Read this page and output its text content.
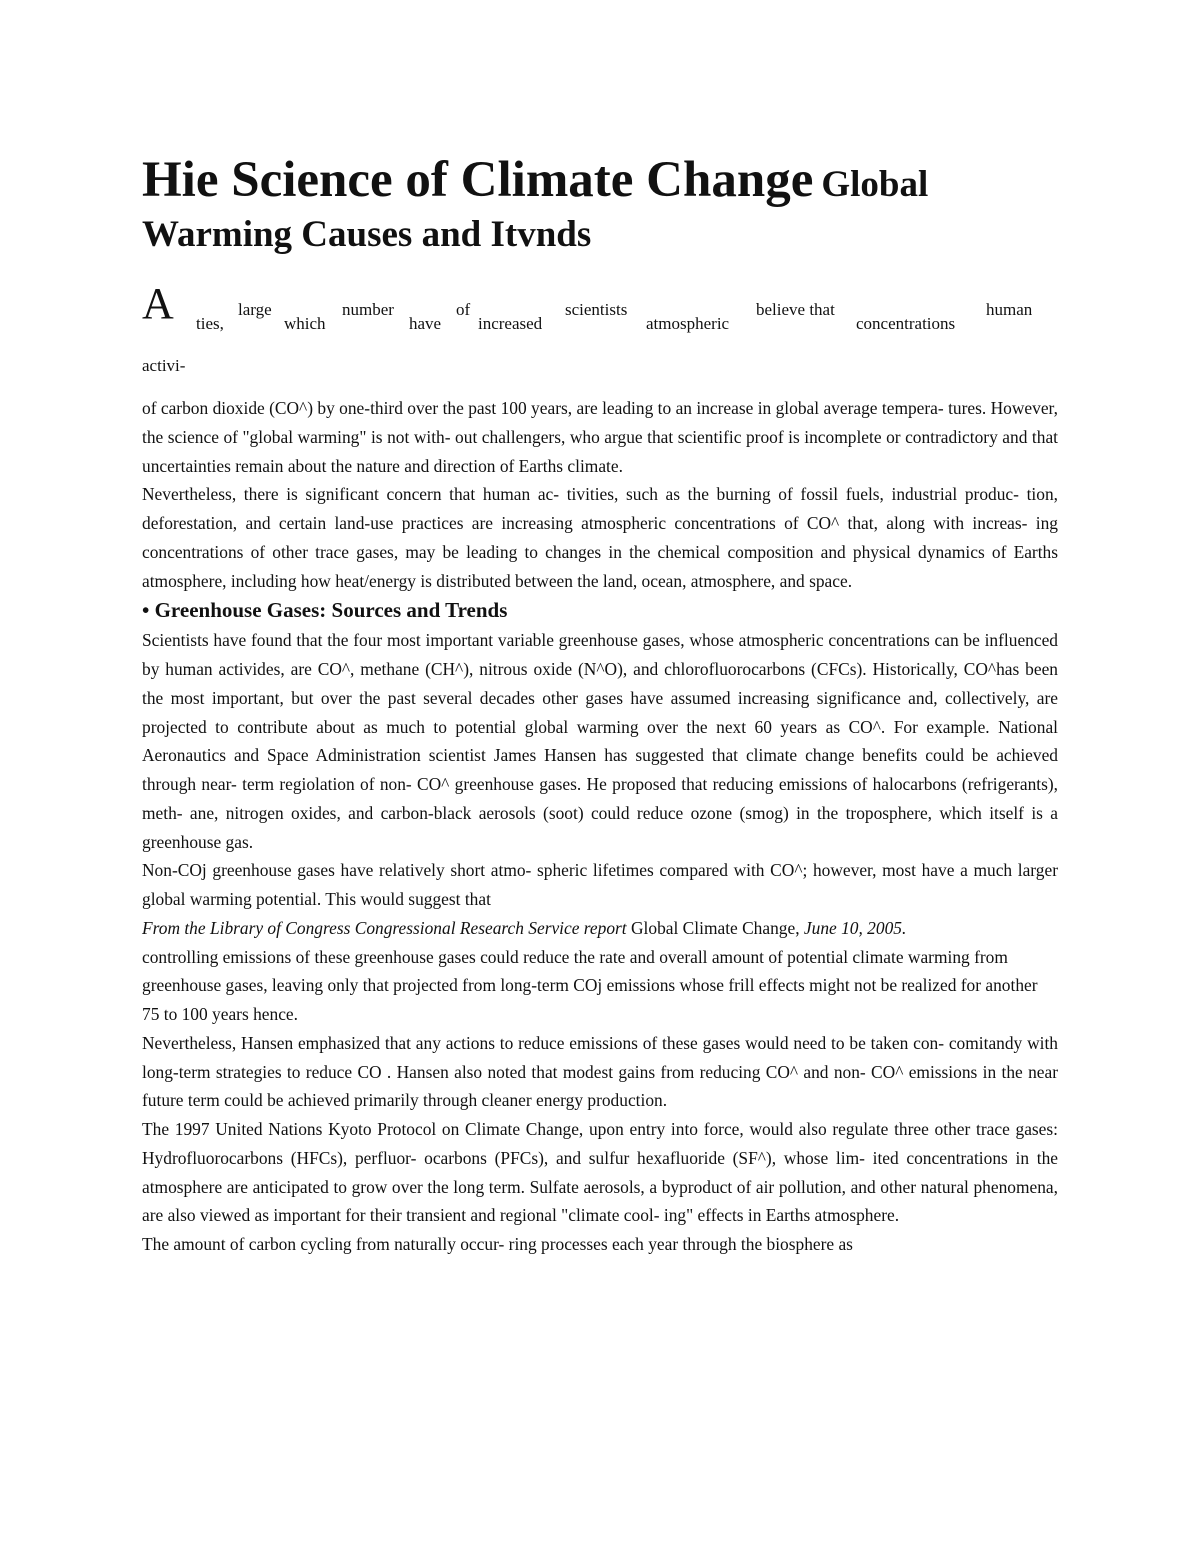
Hie Science of Climate Change Global
Warming Causes and Itvnds
A ties,
large
which
number
have
of
increased
scientists
atmospheric
believe that
concentrations
human
activi-

of carbon dioxide (CO^) by one-third over the past 100 years, are leading to an increase in global average tempera- tures. However, the science of "global warming" is not with- out challengers, who argue that scientific proof is incomplete or contradictory and that uncertainties remain about the nature and direction of Earths climate.

Nevertheless, there is significant concern that human ac- tivities, such as the burning of fossil fuels, industrial produc- tion, deforestation, and certain land-use practices are increasing atmospheric concentrations of CO^ that, along with increas- ing concentrations of other trace gases, may be leading to changes in the chemical composition and physical dynamics of Earths atmosphere, including how heat/energy is distributed between the land, ocean, atmosphere, and space.

• Greenhouse Gases: Sources and Trends

Scientists have found that the four most important variable greenhouse gases, whose atmospheric concentrations can be influenced by human activides, are CO^, methane (CH^), nitrous oxide (N^O), and chlorofluorocarbons (CFCs). Historically, CO^has been the most important, but over the past several decades other gases have assumed increasing significance and, collectively, are projected to contribute about as much to potential global warming over the next 60 years as CO^. For example. National Aeronautics and Space Administration scientist James Hansen has suggested that climate change benefits could be achieved through near- term regiolation of non- CO^ greenhouse gases. He proposed that reducing emissions of halocarbons (refrigerants), meth- ane, nitrogen oxides, and carbon-black aerosols (soot) could reduce ozone (smog) in the troposphere, which itself is a greenhouse gas.

Non-COj greenhouse gases have relatively short atmo- spheric lifetimes compared with CO^; however, most have a much larger global warming potential. This would suggest that

From the Library of Congress Congressional Research Service report Global Climate Change, June 10, 2005.

controlling emissions of these greenhouse gases could reduce the rate and overall amount of potential climate warming from greenhouse gases, leaving only that projected from long-term COj emissions whose frill effects might not be realized for another 75 to 100 years hence.

Nevertheless, Hansen emphasized that any actions to reduce emissions of these gases would need to be taken con- comitandy with long-term strategies to reduce CO . Hansen also noted that modest gains from reducing CO^ and non- CO^ emissions in the near future term could be achieved primarily through cleaner energy production.

The 1997 United Nations Kyoto Protocol on Climate Change, upon entry into force, would also regulate three other trace gases: Hydrofluorocarbons (HFCs), perfluor- ocarbons (PFCs), and sulfur hexafluoride (SF^), whose lim- ited concentrations in the atmosphere are anticipated to grow over the long term. Sulfate aerosols, a byproduct of air pollution, and other natural phenomena, are also viewed as important for their transient and regional "climate cool- ing" effects in Earths atmosphere.

The amount of carbon cycling from naturally occur- ring processes each year through the biosphere as
